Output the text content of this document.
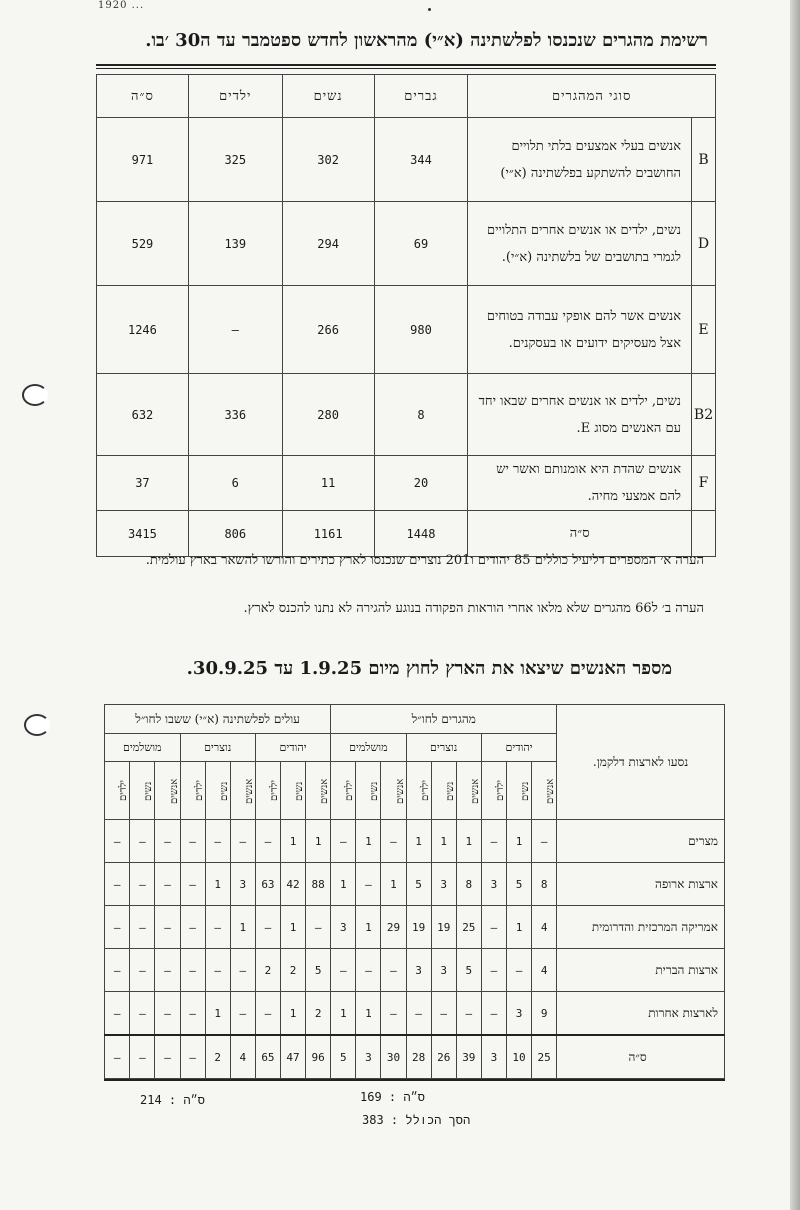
1920 ...
רשימת מהגרים שנכנסו לפלשתינה (א״י) מהראשון לחדש ספטמבר עד ה30 ׳בו.
סוגי המהגרים		גברים	נשים	ילדים	ס״ה
B	אנשים בעלי אמצעים בלתי תלויים החושבים להשתקע בפלשתינה (א״י)	344	302	325	971
D	נשים, ילדים או אנשים אחרים התלויים לגמרי בתושבים של בלשתינה (א״י).	69	294	139	529
E	אנשים אשר להם אופקי עבודה בטוחים אצל מעסיקים ידועים או בעסקנים.	980	266	—	1246
B2	נשים, ילדים או אנשים אחרים שבאו יחד עם האנשים מסוג E.	8	280	336	632
F	אנשים שהדת היא אומנותם ואשר יש להם אמצעי מחיה.	20	11	6	37
	ס״ה	1448	1161	806	3415
הערה א׳ המספרים דליעיל כוללים 85 יהודים ו201 נוצרים שנכנסו לארץ כתירים והורשו להשאר בארץ עולמית.
הערה ב׳ ל66 מהגרים שלא מלאו אחרי הוראות הפקודה בנוגע להגירה לא נתנו להכנס לארץ.
מספר האנשים שיצאו את הארץ לחוץ מיום 1.9.25 עד 30.9.25.
נסעו לארצות דלקמן.	מהגרים לחו״ל									עולים לפלשתינה (א״י) ששבו לחו״ל								
	יהודים			נוצרים			מושלמים			יהודים			נוצרים			מושלמים		

	אנשים	נשים	ילדים	אנשים	נשים	ילדים	אנשים	נשים	ילדים	אנשים	נשים	ילדים	אנשים	נשים	ילדים	אנשים	נשים	ילדים

מצרים	—	1	—	1	1	1	—	1	—	1	1	—	—	—	—	—	—	—
ארצות ארופה	8	5	3	8	3	5	1	—	1	88	42	63	3	1	—	—	—	—
אמריקה המרכזית והדרומית	4	1	—	25	19	19	29	1	3	—	1	—	1	—	—	—	—	—
ארצות הברית	4	—	—	5	3	3	—	—	—	5	2	2	—	—	—	—	—	—
לארצות אחרות	9	3	—	—	—	—	—	1	1	2	1	—	—	1	—	—	—	—
ס״ה	25	10	3	39	26	28	30	3	5	96	47	65	4	2	—	—	—	—
ס״ה : 214	ס״ה : 169
הסך הכולל : 383
